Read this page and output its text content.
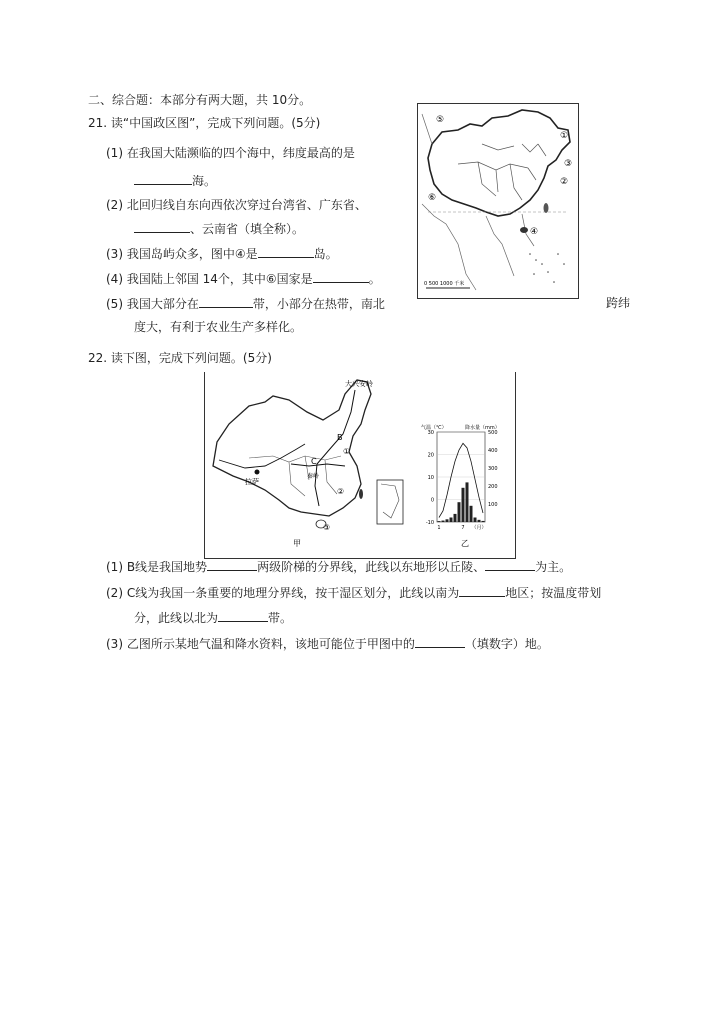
二、综合题：本部分有两大题，共 10分。
21. 读“中国政区图”，完成下列问题。(5分)
(1) 在我国大陆濒临的四个海中，纬度最高的是
海。
(2) 北回归线自东向西依次穿过台湾省、广东省、
、云南省（填全称）。
(3) 我国岛屿众多，图中④是	岛。
(4) 我国陆上邻国 14个，其中⑥国家是	。
(5) 我国大部分在	带，小部分在热带，南北	跨纬
度大，有利于农业生产多样化。
⑤
③
①
②
⑥
④
0 500 1000 千米
22. 读下图，完成下列问题。(5分)
大兴安岭
B
C
拉萨
秦岭
①
②
③
甲	乙
气温（℃）	降水量（mm）
30
20
10
0
-10
500
400
300
200
100
1	7 （月）
(1) B线是我国地势	两级阶梯的分界线，此线以东地形以丘陵、	为主。
(2) C线为我国一条重要的地理分界线，按干湿区划分，此线以南为	地区；按温度带划
分，此线以北为	带。
(3) 乙图所示某地气温和降水资料，该地可能位于甲图中的	（填数字）地。
